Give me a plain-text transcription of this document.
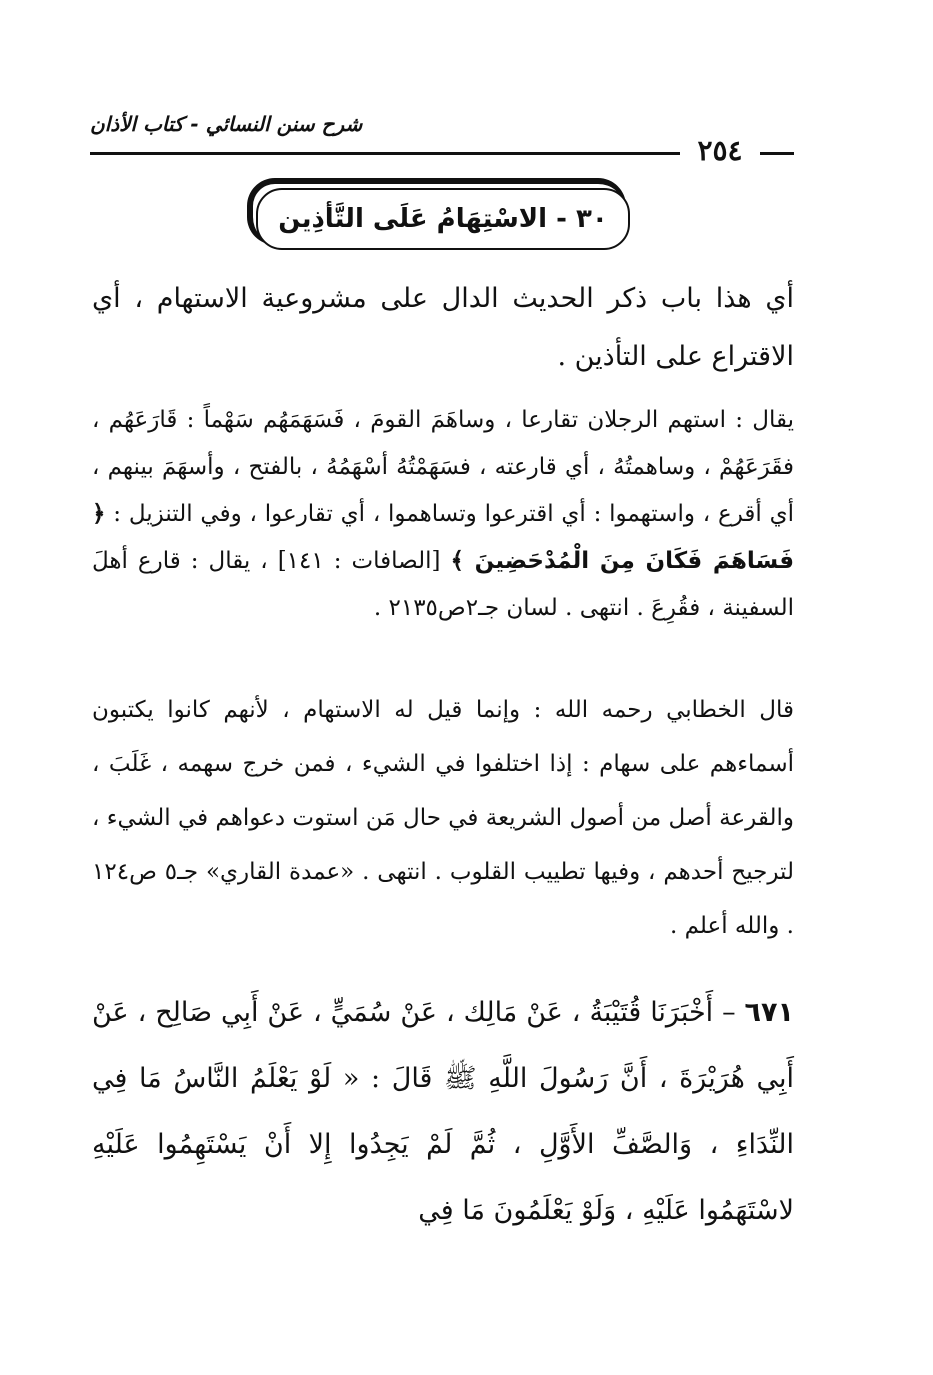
شرح سنن النسائي - كتاب الأذان
٢٥٤
٣٠ - الاسْتِهَامُ عَلَى التَّأذِين
أي هذا باب ذكر الحديث الدال على مشروعية الاستهام ، أي الاقتراع على التأذين .
يقال : استهم الرجلان تقارعا ، وساهَمَ القومَ ، فَسَهَمَهُم سَهْماً : قَارَعَهُم ، فقَرَعَهُمْ ، وساهمتُهُ ، أي قارعته ، فسَهَمْتُهُ أسْهَمُهُ ، بالفتح ، وأسهَمَ بينهم ، أي أقرع ، واستهموا : أي اقترعوا وتساهموا ، أي تقارعوا ، وفي التنزيل : ﴿ فَسَاهَمَ فَكَانَ مِنَ الْمُدْحَضِينَ ﴾ [الصافات : ١٤١] ، يقال : قارع أهلَ السفينة ، فقُرِعَ . انتهى . لسان جـ٢ص٢١٣٥ .
قال الخطابي رحمه الله : وإنما قيل له الاستهام ، لأنهم كانوا يكتبون أسماءهم على سهام : إذا اختلفوا في الشيء ، فمن خرج سهمه ، غَلَبَ ، والقرعة أصل من أصول الشريعة في حال مَن استوت دعواهم في الشيء ، لترجيح أحدهم ، وفيها تطييب القلوب . انتهى . «عمدة القاري» جـ٥ ص١٢٤ . والله أعلم .
٦٧١ – أَخْبَرَنَا قُتَيْبَةُ ، عَنْ مَالِك ، عَنْ سُمَيٍّ ، عَنْ أَبِي صَالِح ، عَنْ أَبِي هُرَيْرَةَ ، أَنَّ رَسُولَ اللَّهِ ﷺ قَالَ : « لَوْ يَعْلَمُ النَّاسُ مَا فِي النِّدَاءِ ، وَالصَّفِّ الأَوَّلِ ، ثُمَّ لَمْ يَجِدُوا إِلا أَنْ يَسْتَهِمُوا عَلَيْهِ لاسْتَهَمُوا عَلَيْهِ ، وَلَوْ يَعْلَمُونَ مَا فِي
